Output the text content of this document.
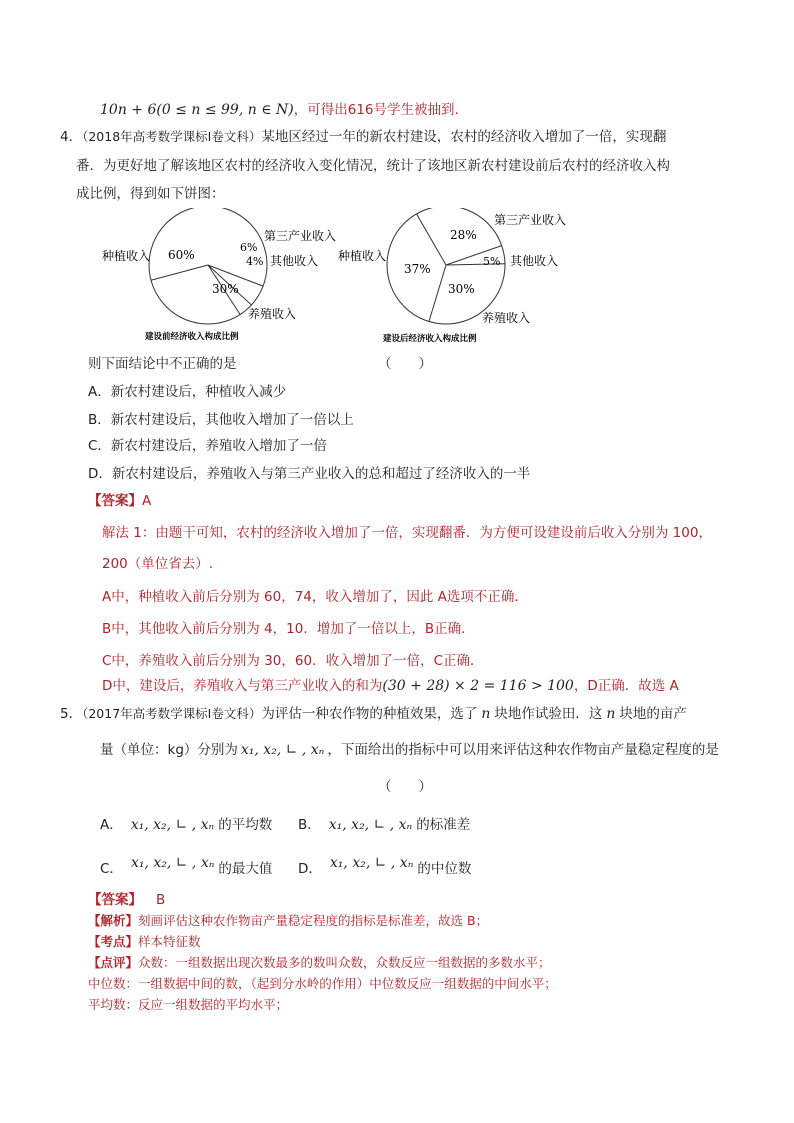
10n + 6(0 ≤ n ≤ 99, n ∈ N)，可得出616号学生被抽到.
4．（2018年高考数学课标Ⅰ卷文科）某地区经过一年的新农村建设，农村的经济收入增加了一倍，实现翻
番．为更好地了解该地区农村的经济收入变化情况，统计了该地区新农村建设前后农村的经济收入构
成比例，得到如下饼图：
60%
6%
4%
30%
种植收入
第三产业收入
其他收入
养殖收入
建设前经济收入构成比例
28%
5%
30%
37%
第三产业收入
其他收入
养殖收入
种植收入
建设后经济收入构成比例
则下面结论中不正确的是	（　　）
A．新农村建设后，种植收入减少
B．新农村建设后，其他收入增加了一倍以上
C．新农村建设后，养殖收入增加了一倍
D．新农村建设后，养殖收入与第三产业收入的总和超过了经济收入的一半
【答案】A
解法 1：由题干可知，农村的经济收入增加了一倍，实现翻番．为方便可设建设前后收入分别为 100，
200（单位省去）.
A中，种植收入前后分别为 60，74，收入增加了，因此 A选项不正确．
B中，其他收入前后分别为 4，10．增加了一倍以上，B正确．
C中，养殖收入前后分别为 30，60．收入增加了一倍，C正确．
D中，建设后，养殖收入与第三产业收入的和为(30 + 28) × 2 = 116 > 100，D正确．故选 A
5．（2017年高考数学课标Ⅰ卷文科）为评估一种农作物的种植效果，选了 n 块地作试验田．这 n 块地的亩产
量（单位：kg）分别为 x₁, x₂, ∟ , xₙ ，下面给出的指标中可以用来评估这种农作物亩产量稳定程度的是
（　　）
A． x₁, x₂, ∟ , xₙ 的平均数 B． x₁, x₂, ∟ , xₙ 的标准差
C． x₁, x₂, ∟ , xₙ 的最大值 D． x₁, x₂, ∟ , xₙ 的中位数
【答案】 B
【解析】刻画评估这种农作物亩产量稳定程度的指标是标准差，故选 B；
【考点】样本特征数
【点评】众数：一组数据出现次数最多的数叫众数，众数反应一组数据的多数水平；
中位数：一组数据中间的数，（起到分水岭的作用）中位数反应一组数据的中间水平；
平均数：反应一组数据的平均水平；
